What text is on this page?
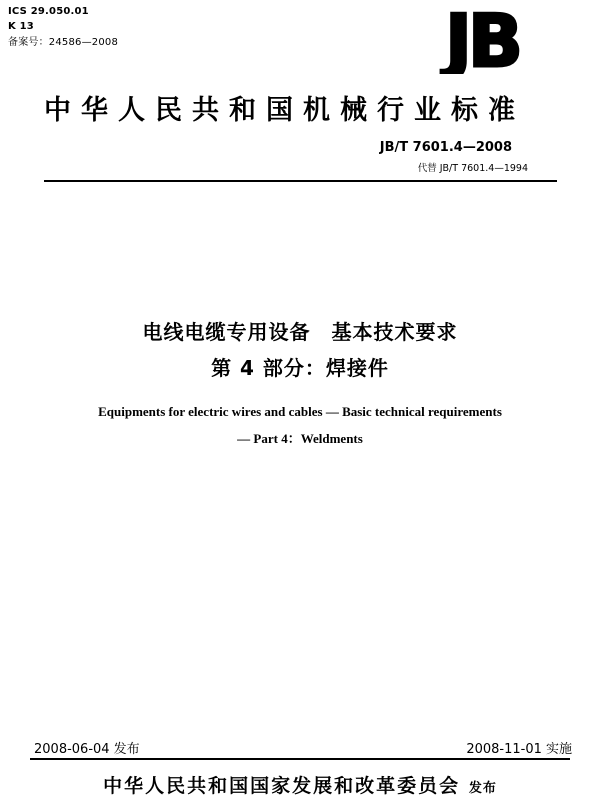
ICS 29.050.01
K 13
备案号：24586—2008	JB
中华人民共和国机械行业标准
JB/T 7601.4—2008
代替 JB/T 7601.4—1994
电线电缆专用设备　基本技术要求
第 4 部分：焊接件
Equipments for electric wires and cables — Basic technical requirements
— Part 4：Weldments
2008-06-04 发布	2008-11-01 实施
中华人民共和国国家发展和改革委员会 发布
